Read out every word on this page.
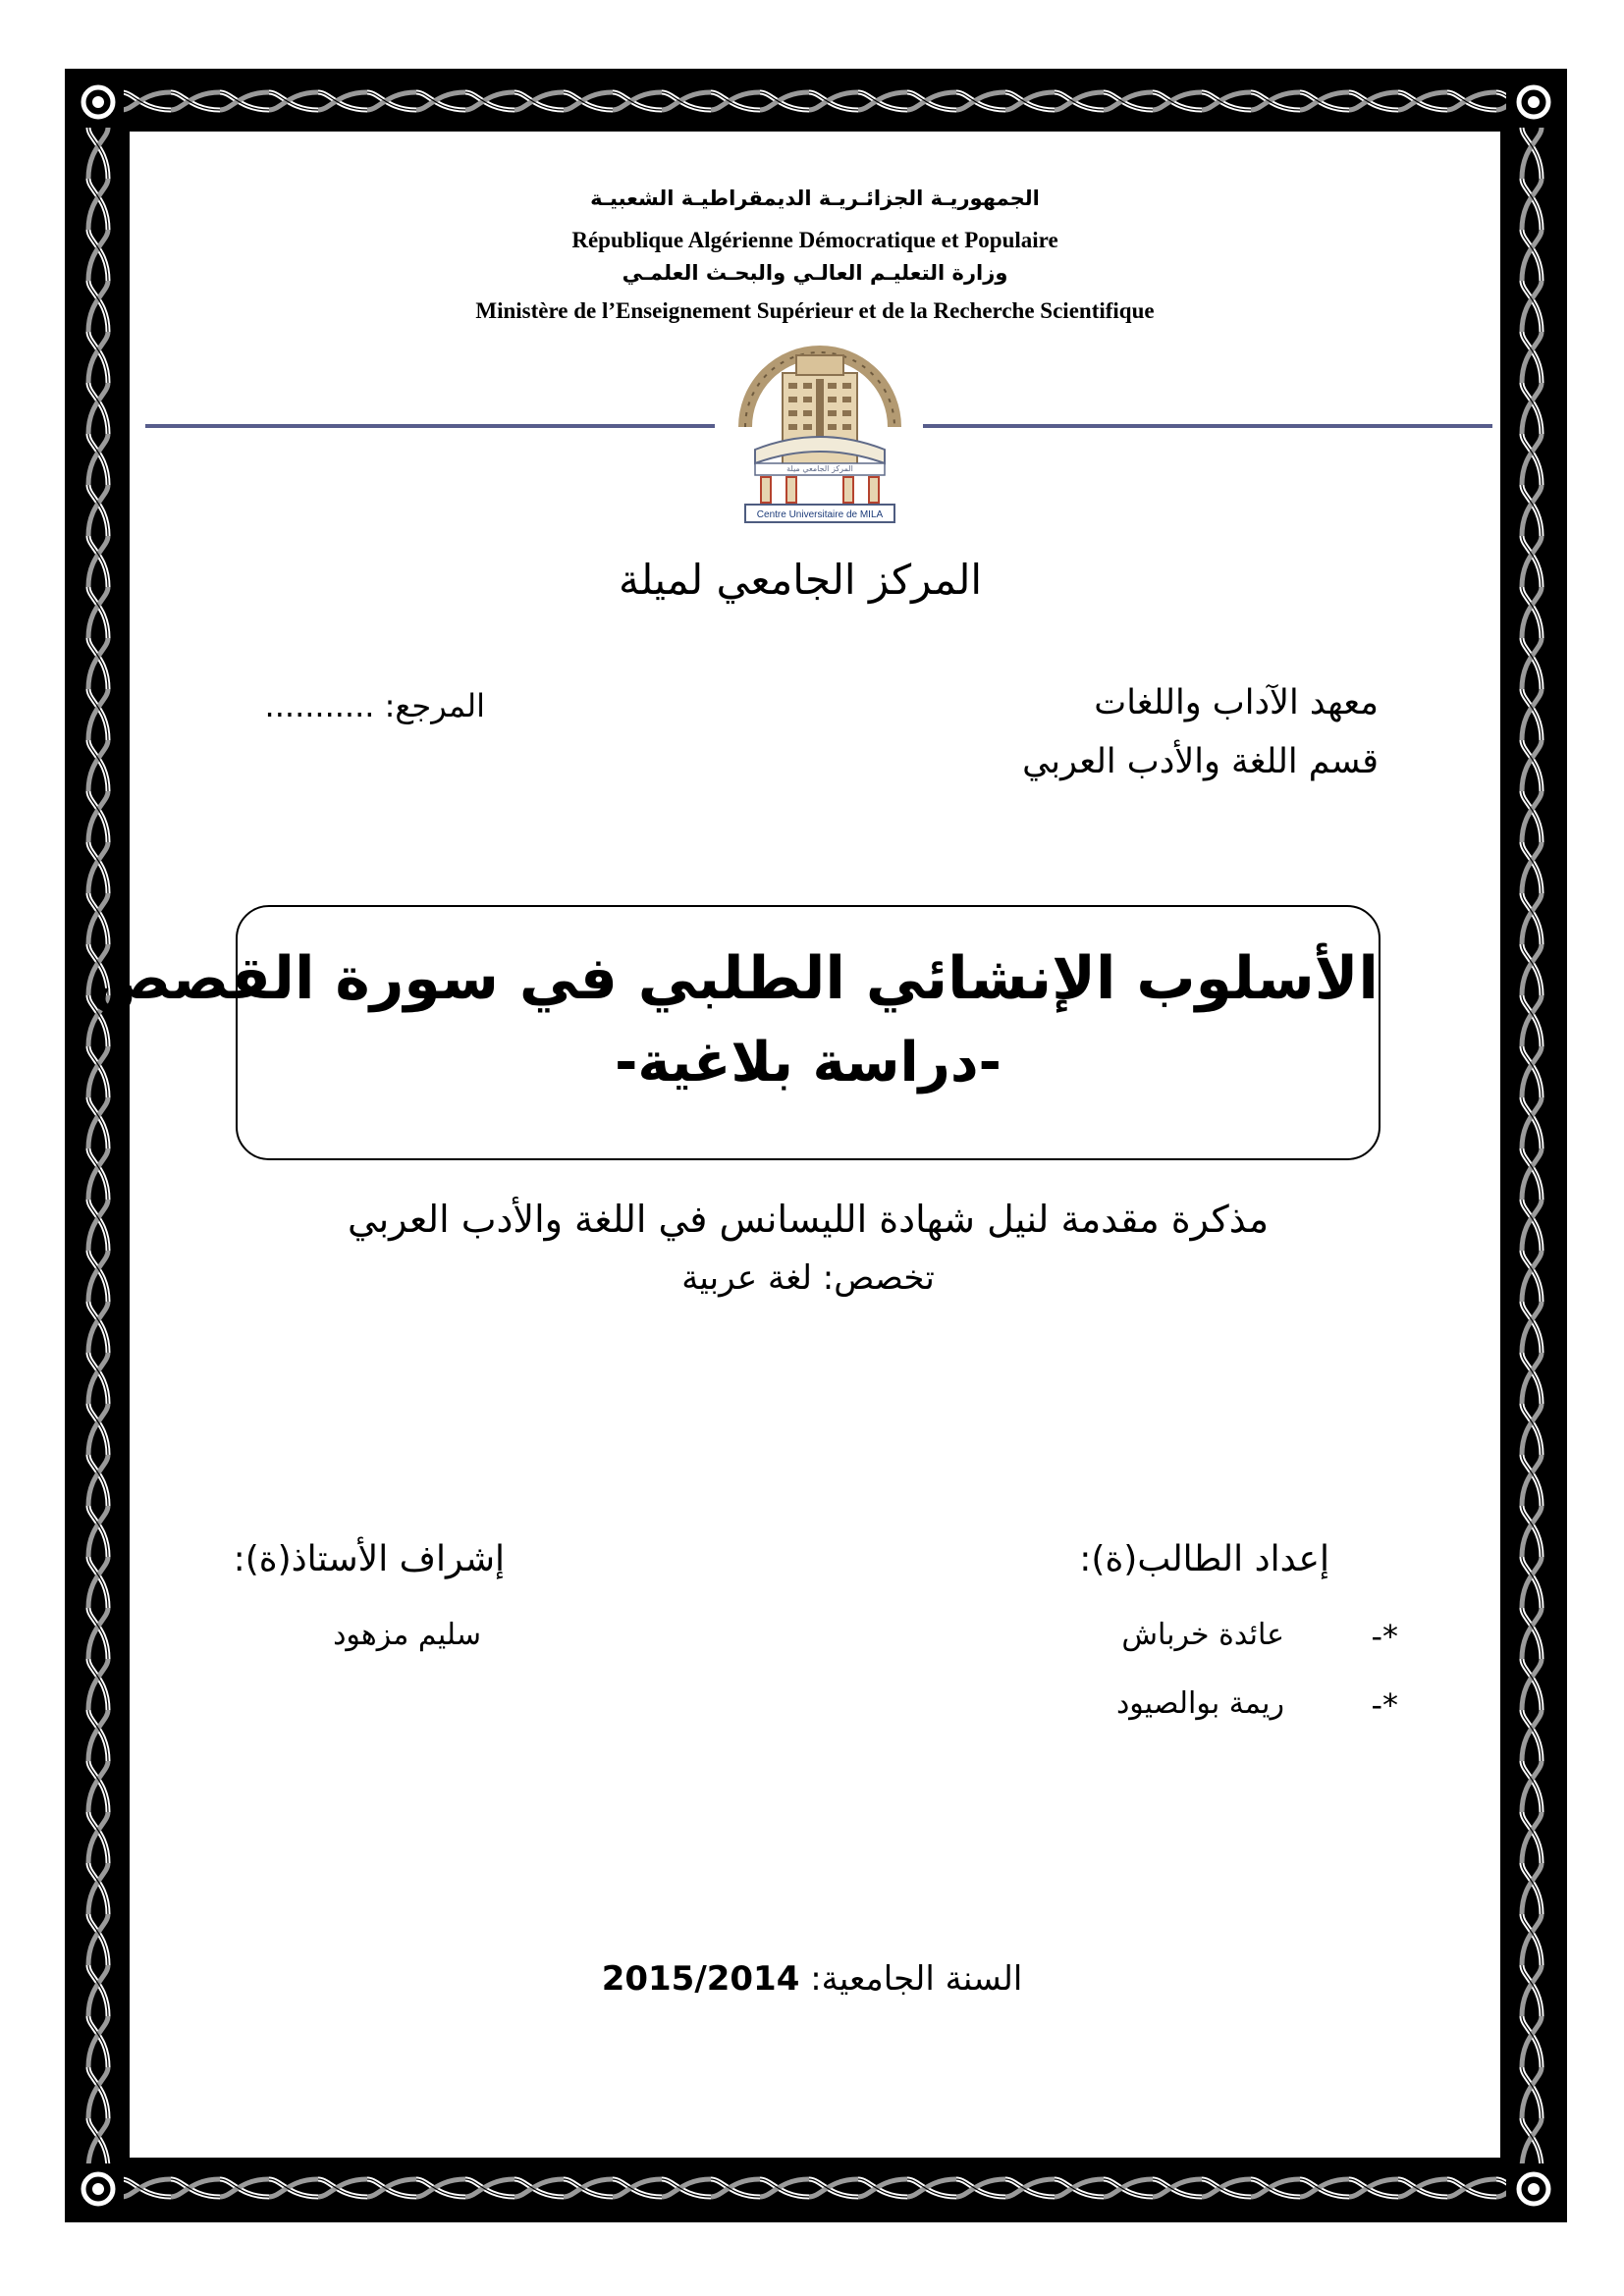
الجمهوريـة الجزائـريـة الديمقراطيـة الشعبيـة
République Algérienne Démocratique et Populaire
وزارة التعليـم العالـي والبحـث العلمـي
Ministère de l’Enseignement Supérieur et de la Recherche Scientifique
Centre Universitaire de MILA
المركز الجامعي ميلة
المركز الجامعي لميلة
معهد الآداب واللغات
قسم اللغة والأدب العربي
المرجع: ...........
الأسلوب الإنشائي الطلبي في سورة القصص
-دراسة بلاغية-
مذكرة مقدمة لنيل شهادة الليسانس في اللغة والأدب العربي
تخصص: لغة عربية
إعداد الطالب(ة):
*-
عائدة خرباش
*-
ريمة بوالصيود
إشراف الأستاذ(ة):
سليم مزهود
السنة الجامعية: 2015/2014
